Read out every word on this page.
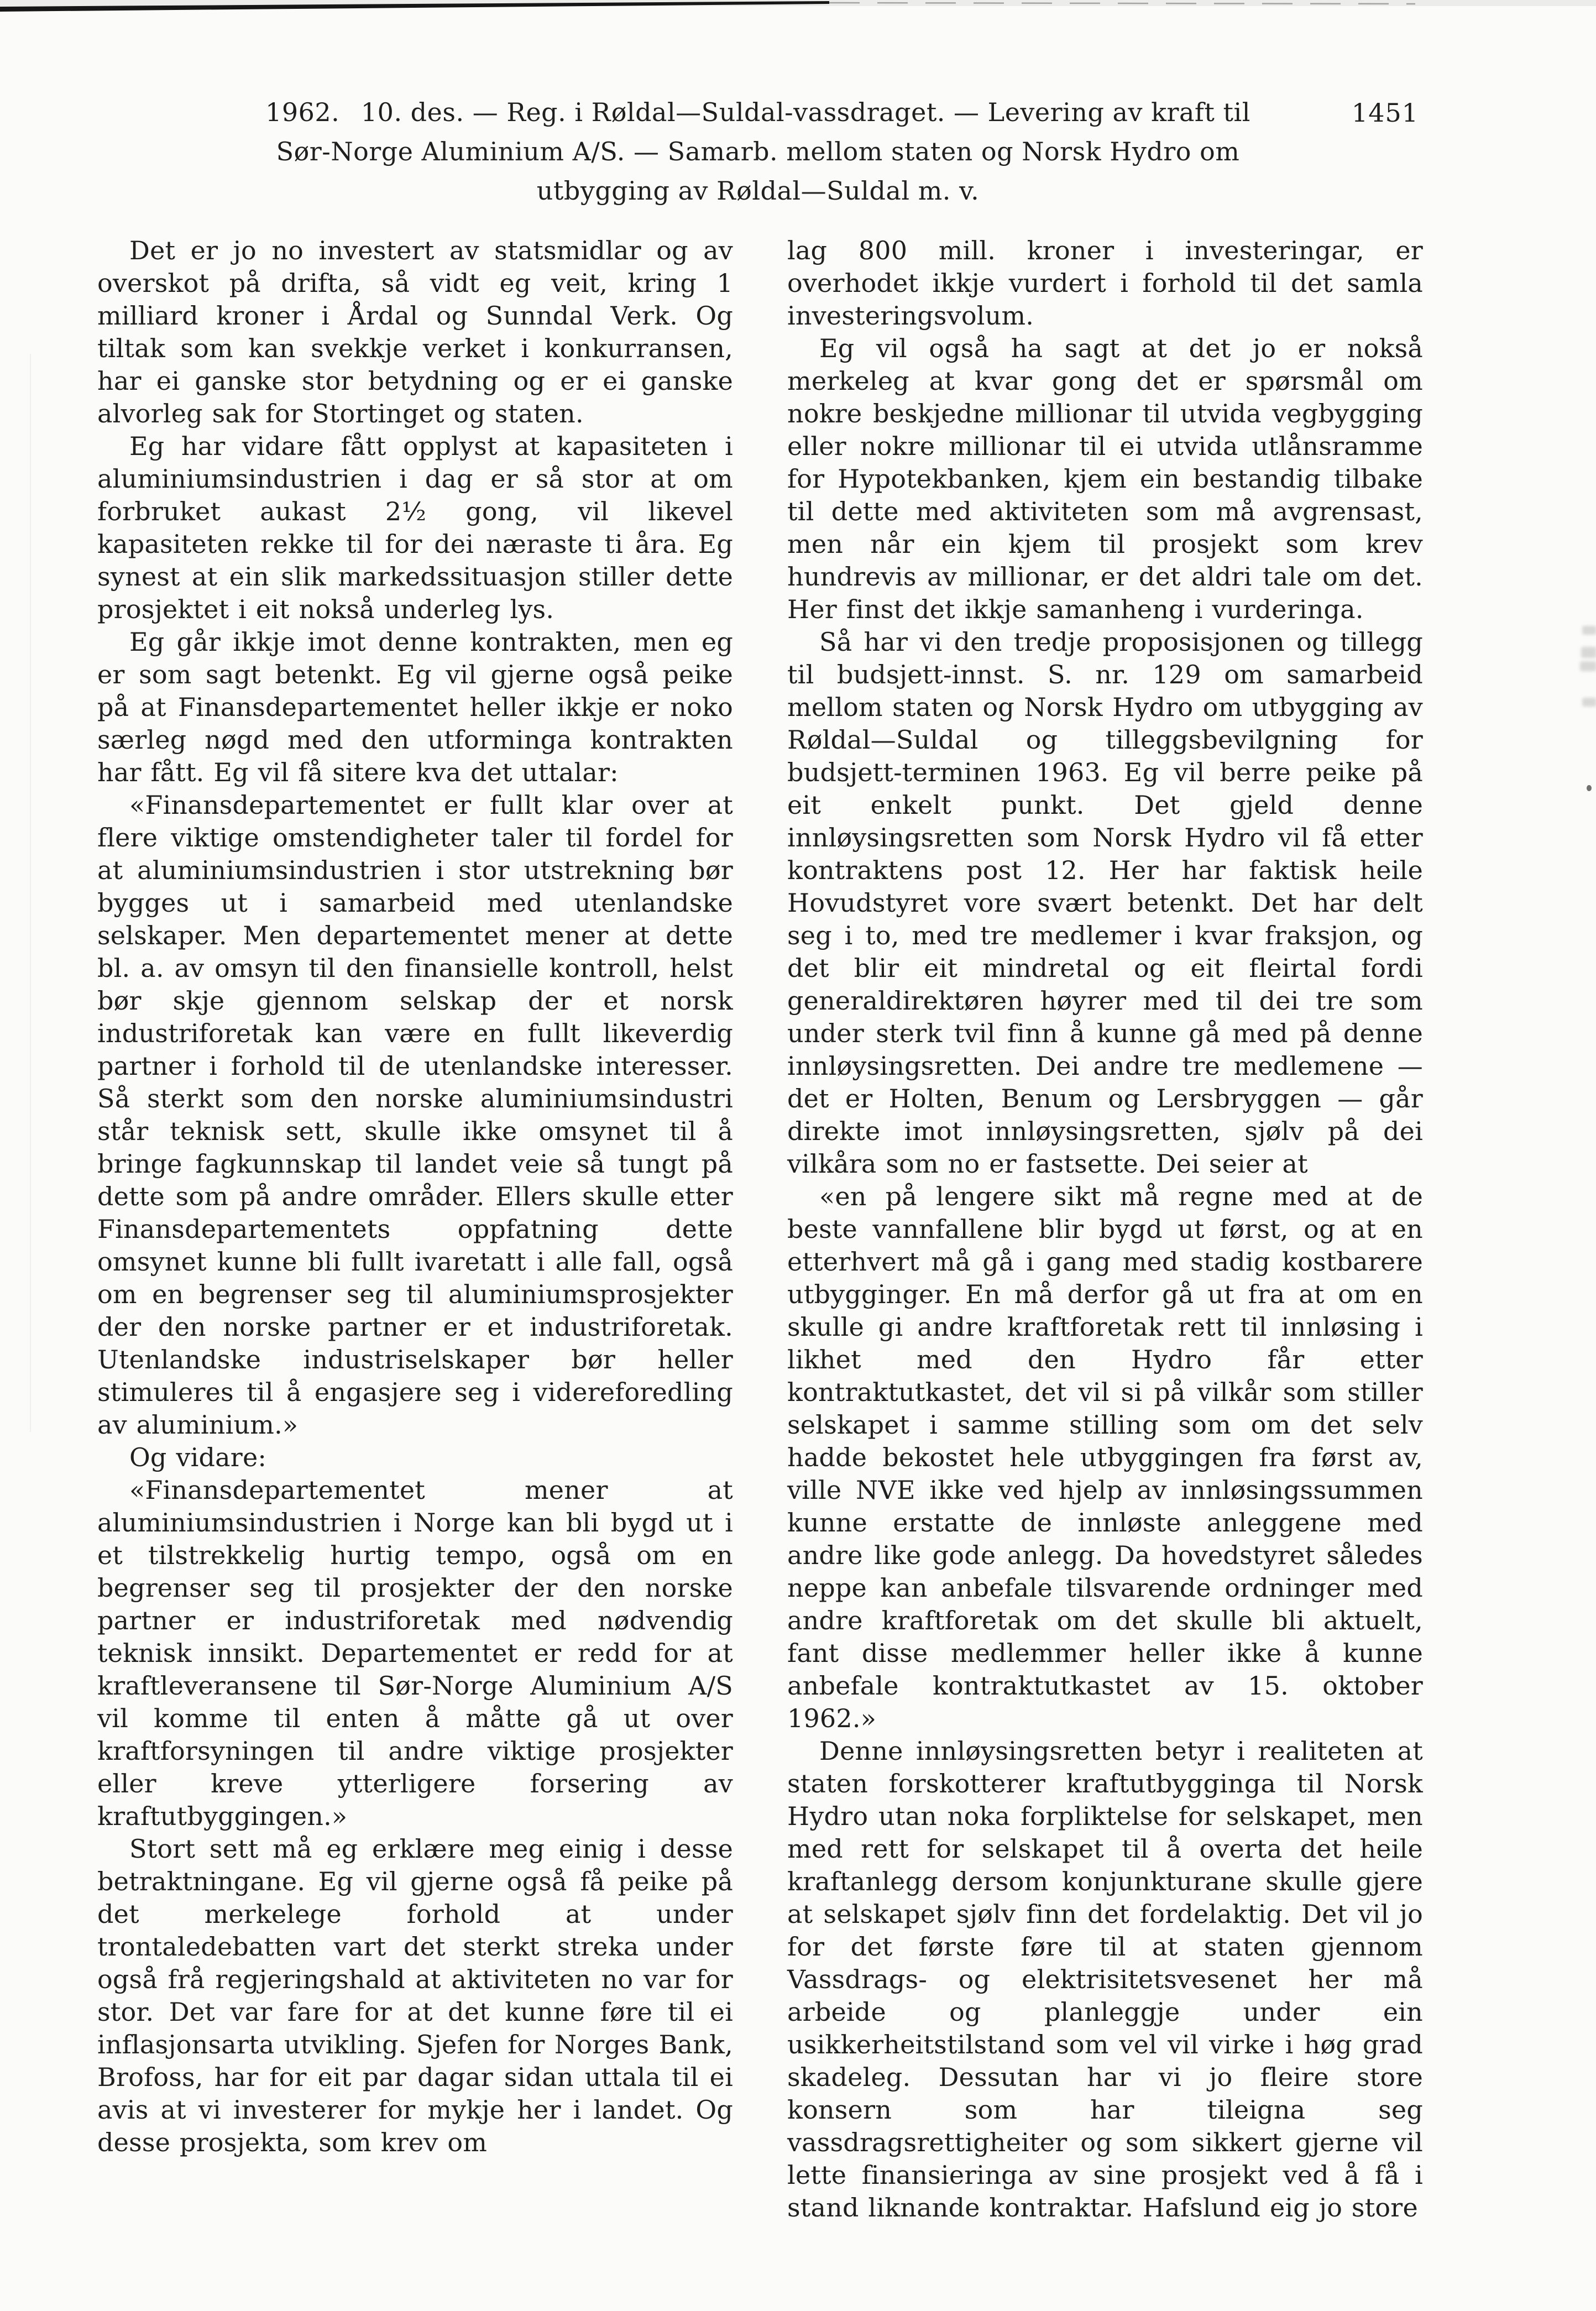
1962.  10. des. — Reg. i Røldal—Suldal-vassdraget. — Levering av kraft til
Sør-Norge Aluminium A/S. — Samarb. mellom staten og Norsk Hydro om
utbygging av Røldal—Suldal m. v.
1451

Det er jo no investert av statsmidlar og av overskot på drifta, så vidt eg veit, kring 1 milliard kroner i Årdal og Sunndal Verk. Og tiltak som kan svekkje verket i konkurransen, har ei ganske stor betydning og er ei ganske alvorleg sak for Stortinget og staten.

Eg har vidare fått opplyst at kapasiteten i aluminiumsindustrien i dag er så stor at om forbruket aukast 2½ gong, vil likevel kapasiteten rekke til for dei næraste ti åra. Eg synest at ein slik markedssituasjon stiller dette prosjektet i eit nokså underleg lys.

Eg går ikkje imot denne kontrakten, men eg er som sagt betenkt. Eg vil gjerne også peike på at Finansdepartementet heller ikkje er noko særleg nøgd med den utforminga kontrakten har fått. Eg vil få sitere kva det uttalar:

«Finansdepartementet er fullt klar over at flere viktige omstendigheter taler til fordel for at aluminiumsindustrien i stor utstrekning bør bygges ut i samarbeid med utenlandske selskaper. Men departementet mener at dette bl. a. av omsyn til den finansielle kontroll, helst bør skje gjennom selskap der et norsk industriforetak kan være en fullt likeverdig partner i forhold til de utenlandske interesser. Så sterkt som den norske aluminiumsindustri står teknisk sett, skulle ikke omsynet til å bringe fagkunnskap til landet veie så tungt på dette som på andre områder. Ellers skulle etter Finansdepartementets oppfatning dette omsynet kunne bli fullt ivaretatt i alle fall, også om en begrenser seg til aluminiumsprosjekter der den norske partner er et industriforetak. Utenlandske industriselskaper bør heller stimuleres til å engasjere seg i videreforedling av aluminium.»

Og vidare:

«Finansdepartementet mener at aluminiumsindustrien i Norge kan bli bygd ut i et tilstrekkelig hurtig tempo, også om en begrenser seg til prosjekter der den norske partner er industriforetak med nødvendig teknisk innsikt. Departementet er redd for at kraftleveransene til Sør-Norge Aluminium A/S vil komme til enten å måtte gå ut over kraftforsyningen til andre viktige prosjekter eller kreve ytterligere forsering av kraftutbyggingen.»

Stort sett må eg erklære meg einig i desse betraktningane. Eg vil gjerne også få peike på det merkelege forhold at under trontaledebatten vart det sterkt streka under også frå regjeringshald at aktiviteten no var for stor. Det var fare for at det kunne føre til ei inflasjonsarta utvikling. Sjefen for Norges Bank, Brofoss, har for eit par dagar sidan uttala til ei avis at vi investerer for mykje her i landet. Og desse prosjekta, som krev om

lag 800 mill. kroner i investeringar, er overhodet ikkje vurdert i forhold til det samla investeringsvolum.

Eg vil også ha sagt at det jo er nokså merkeleg at kvar gong det er spørsmål om nokre beskjedne millionar til utvida vegbygging eller nokre millionar til ei utvida utlånsramme for Hypotekbanken, kjem ein bestandig tilbake til dette med aktiviteten som må avgrensast, men når ein kjem til prosjekt som krev hundrevis av millionar, er det aldri tale om det. Her finst det ikkje samanheng i vurderinga.

Så har vi den tredje proposisjonen og tillegg til budsjett-innst. S. nr. 129 om samarbeid mellom staten og Norsk Hydro om utbygging av Røldal—Suldal og tilleggsbevilgning for budsjett-terminen 1963. Eg vil berre peike på eit enkelt punkt. Det gjeld denne innløysingsretten som Norsk Hydro vil få etter kontraktens post 12. Her har faktisk heile Hovudstyret vore svært betenkt. Det har delt seg i to, med tre medlemer i kvar fraksjon, og det blir eit mindretal og eit fleirtal fordi generaldirektøren høyrer med til dei tre som under sterk tvil finn å kunne gå med på denne innløysingsretten. Dei andre tre medlemene — det er Holten, Benum og Lersbryggen — går direkte imot innløysingsretten, sjølv på dei vilkåra som no er fastsette. Dei seier at

«en på lengere sikt må regne med at de beste vannfallene blir bygd ut først, og at en etterhvert må gå i gang med stadig kostbarere utbygginger. En må derfor gå ut fra at om en skulle gi andre kraftforetak rett til innløsing i likhet med den Hydro får etter kontraktutkastet, det vil si på vilkår som stiller selskapet i samme stilling som om det selv hadde bekostet hele utbyggingen fra først av, ville NVE ikke ved hjelp av innløsingssummen kunne erstatte de innløste anleggene med andre like gode anlegg. Da hovedstyret således neppe kan anbefale tilsvarende ordninger med andre kraftforetak om det skulle bli aktuelt, fant disse medlemmer heller ikke å kunne anbefale kontraktutkastet av 15. oktober 1962.»

Denne innløysingsretten betyr i realiteten at staten forskotterer kraftutbygginga til Norsk Hydro utan noka forpliktelse for selskapet, men med rett for selskapet til å overta det heile kraftanlegg dersom konjunkturane skulle gjere at selskapet sjølv finn det fordelaktig. Det vil jo for det første føre til at staten gjennom Vassdrags- og elektrisitetsvesenet her må arbeide og planleggje under ein usikkerheitstilstand som vel vil virke i høg grad skadeleg. Dessutan har vi jo fleire store konsern som har tileigna seg vassdragsrettigheiter og som sikkert gjerne vil lette finansieringa av sine prosjekt ved å få i stand liknande kontraktar. Hafslund eig jo store
